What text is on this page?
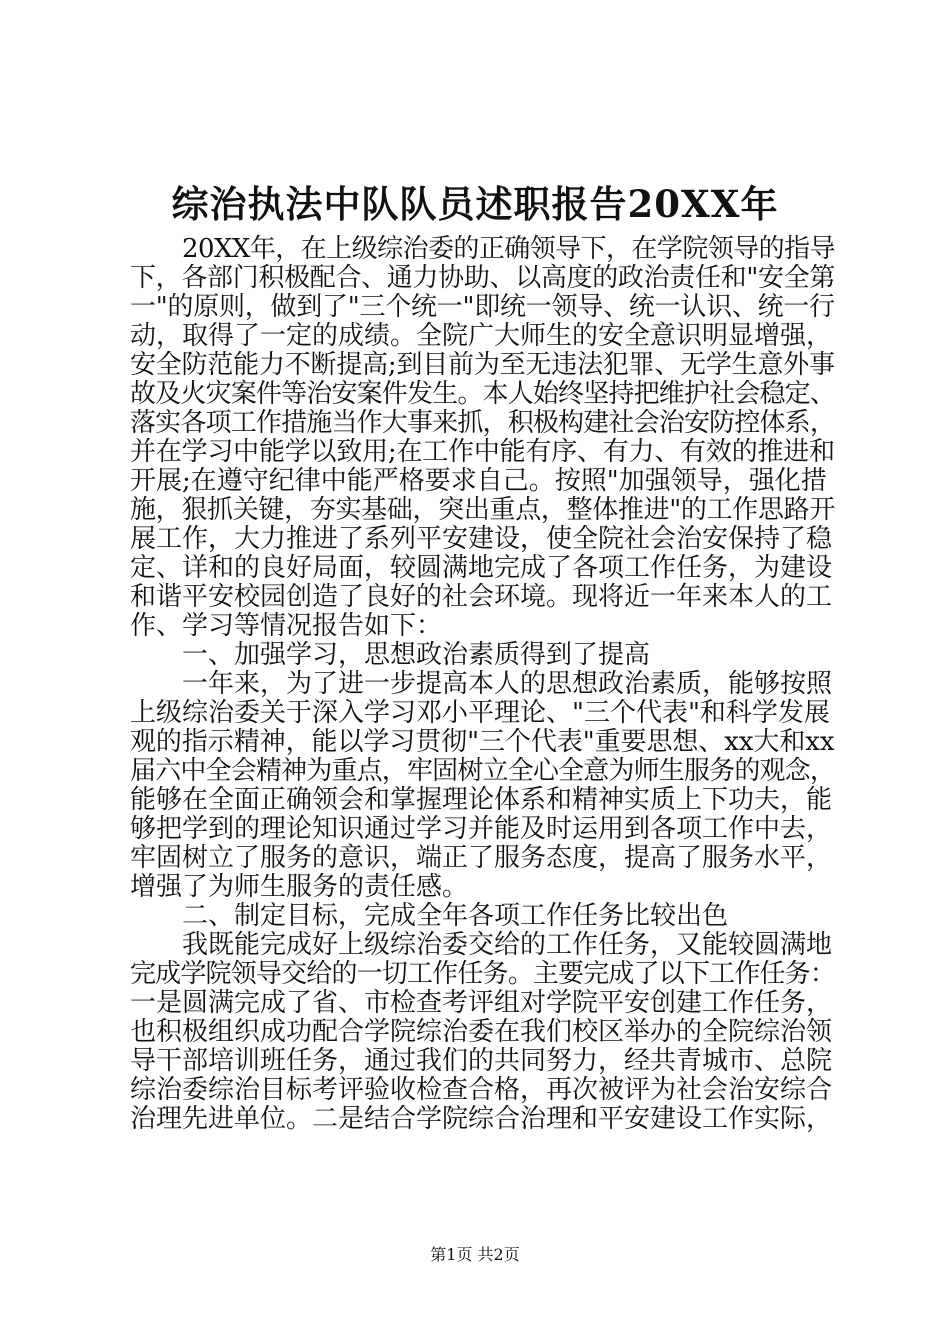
综治执法中队队员述职报告20XX年
20XX年，在上级综治委的正确领导下，在学院领导的指导
下，各部门积极配合、通力协助、以高度的政治责任和"安全第
一"的原则，做到了"三个统一"即统一领导、统一认识、统一行
动，取得了一定的成绩。全院广大师生的安全意识明显增强，
安全防范能力不断提高;到目前为至无违法犯罪、无学生意外事
故及火灾案件等治安案件发生。本人始终坚持把维护社会稳定、
落实各项工作措施当作大事来抓，积极构建社会治安防控体系，
并在学习中能学以致用;在工作中能有序、有力、有效的推进和
开展;在遵守纪律中能严格要求自己。按照"加强领导，强化措
施，狠抓关键，夯实基础，突出重点，整体推进"的工作思路开
展工作，大力推进了系列平安建设，使全院社会治安保持了稳
定、详和的良好局面，较圆满地完成了各项工作任务，为建设
和谐平安校园创造了良好的社会环境。现将近一年来本人的工
作、学习等情况报告如下：
一、加强学习，思想政治素质得到了提高
一年来，为了进一步提高本人的思想政治素质，能够按照
上级综治委关于深入学习邓小平理论、"三个代表"和科学发展
观的指示精神，能以学习贯彻"三个代表"重要思想、xx大和xx
届六中全会精神为重点，牢固树立全心全意为师生服务的观念，
能够在全面正确领会和掌握理论体系和精神实质上下功夫，能
够把学到的理论知识通过学习并能及时运用到各项工作中去，
牢固树立了服务的意识，端正了服务态度，提高了服务水平，
增强了为师生服务的责任感。
二、制定目标，完成全年各项工作任务比较出色
我既能完成好上级综治委交给的工作任务，又能较圆满地
完成学院领导交给的一切工作任务。主要完成了以下工作任务：
一是圆满完成了省、市检查考评组对学院平安创建工作任务，
也积极组织成功配合学院综治委在我们校区举办的全院综治领
导干部培训班任务，通过我们的共同努力，经共青城市、总院
综治委综治目标考评验收检查合格，再次被评为社会治安综合
治理先进单位。二是结合学院综合治理和平安建设工作实际，
第1页 共2页
